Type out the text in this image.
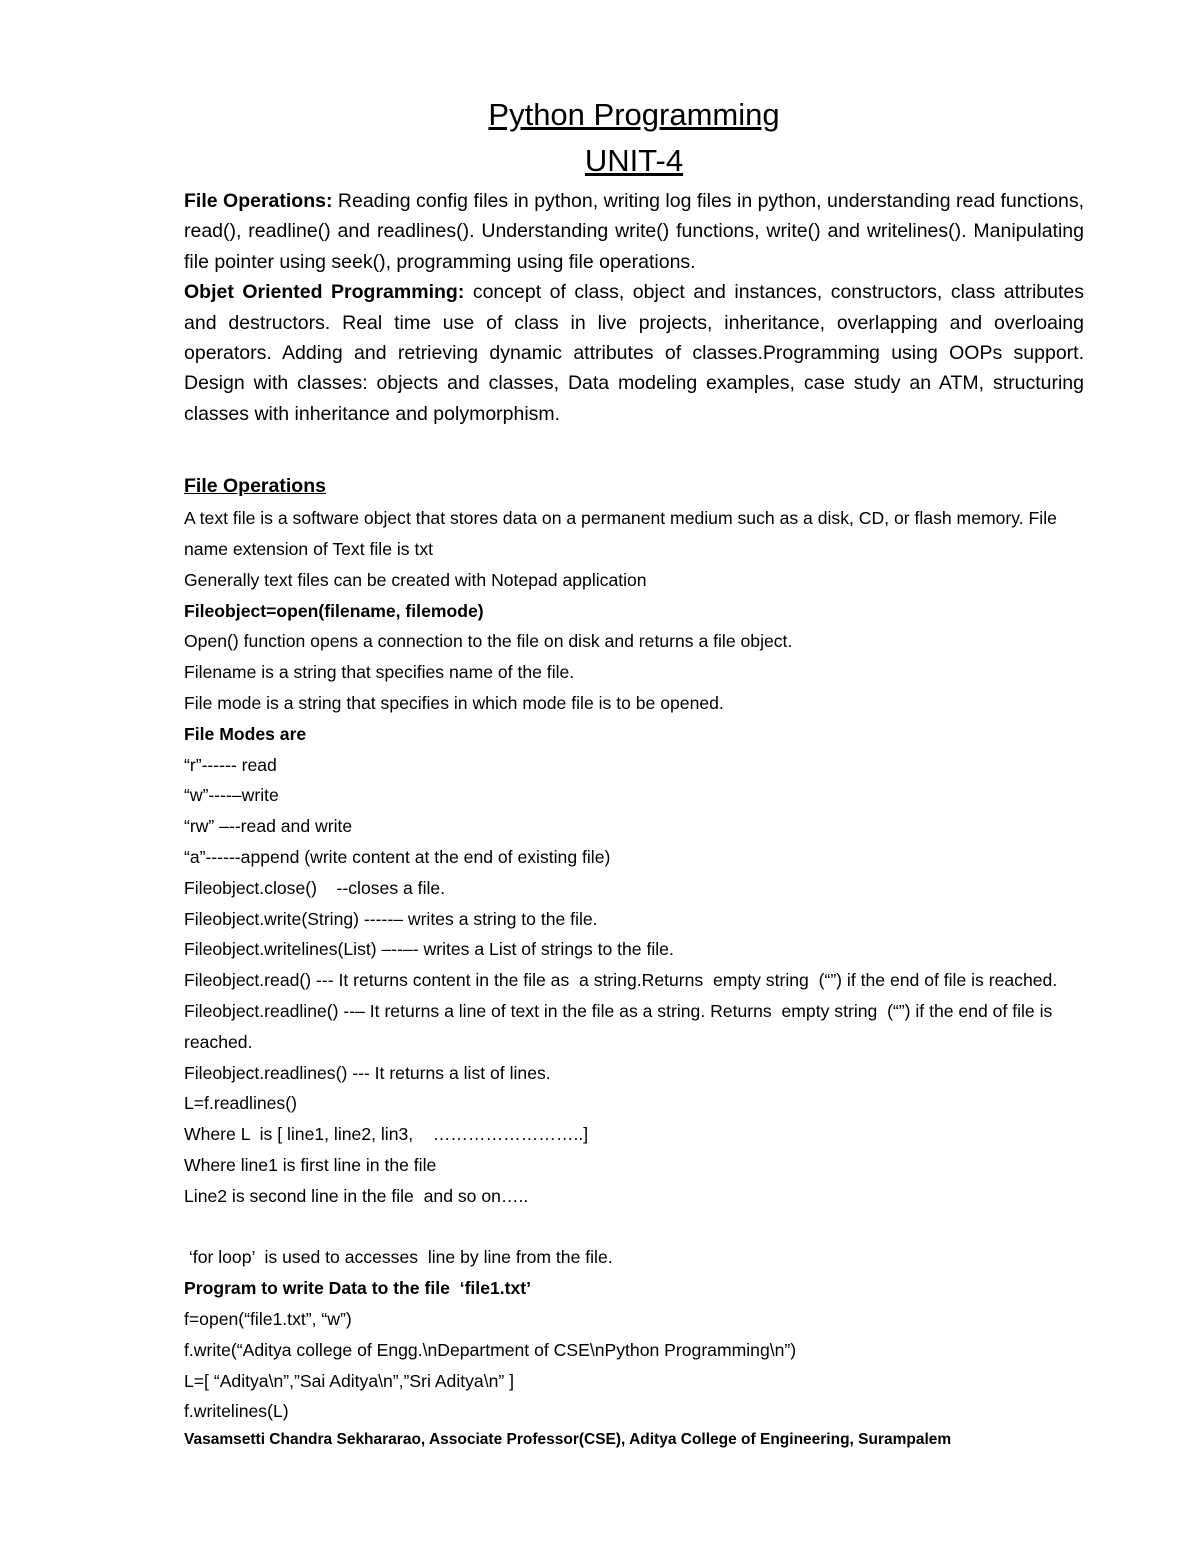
Python Programming
UNIT-4

File Operations: Reading config files in python, writing log files in python, understanding read functions, read(), readline() and readlines(). Understanding write() functions, write() and writelines(). Manipulating file pointer using seek(), programming using file operations.

Objet Oriented Programming: concept of class, object and instances, constructors, class attributes and destructors. Real time use of class in live projects, inheritance, overlapping and overloaing operators. Adding and retrieving dynamic attributes of classes.Programming using OOPs support. Design with classes: objects and classes, Data modeling examples, case study an ATM, structuring classes with inheritance and polymorphism.

File Operations

A text file is a software object that stores data on a permanent medium such as a disk, CD, or flash memory. File name extension of Text file is txt

Generally text files can be created with Notepad application

Fileobject=open(filename, filemode)

Open() function opens a connection to the file on disk and returns a file object.

Filename is a string that specifies name of the file.

File mode is a string that specifies in which mode file is to be opened.

File Modes are

“r”------ read

“w”----–write

“rw” –--read and write

“a”------append (write content at the end of existing file)

Fileobject.close()    --closes a file.

Fileobject.write(String) -----– writes a string to the file.

Fileobject.writelines(List) –--–- writes a List of strings to the file.

Fileobject.read() --- It returns content in the file as  a string.Returns  empty string  (“”) if the end of file is reached.

Fileobject.readline() --– It returns a line of text in the file as a string. Returns  empty string  (“”) if the end of file is reached.

Fileobject.readlines() --- It returns a list of lines.

L=f.readlines()

Where L  is [ line1, line2, lin3,    ……………………..]

Where line1 is first line in the file

Line2 is second line in the file  and so on…..

‘for loop’  is used to accesses  line by line from the file.

Program to write Data to the file  ‘file1.txt’

f=open(“file1.txt”, “w”)

f.write(“Aditya college of Engg.\nDepartment of CSE\nPython Programming\n”)

L=[ “Aditya\n”,”Sai Aditya\n”,”Sri Aditya\n” ]

f.writelines(L)

Vasamsetti Chandra Sekhararao, Associate Professor(CSE), Aditya College of Engineering, Surampalem
